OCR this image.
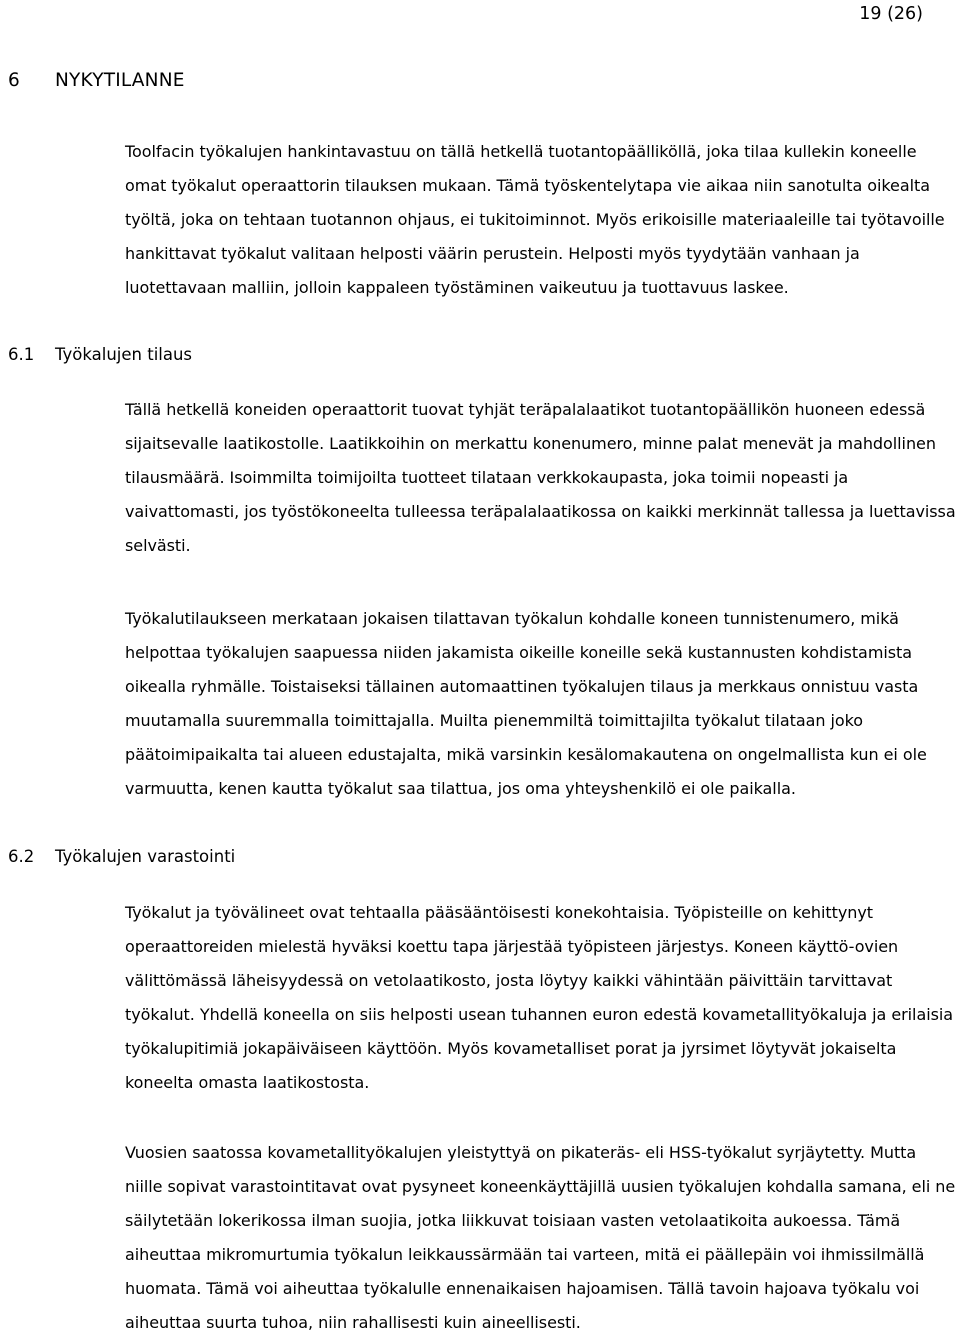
19 (26)
6 NYKYTILANNE

Toolfacin työkalujen hankintavastuu on tällä hetkellä tuotantopäälliköllä, joka tilaa kullekin koneelle omat työkalut operaattorin tilauksen mukaan. Tämä työskentelytapa vie aikaa niin sanotulta oikealta työltä, joka on tehtaan tuotannon ohjaus, ei tukitoiminnot. Myös erikoisille materiaaleille tai työtavoille hankittavat työkalut valitaan helposti väärin perustein. Helposti myös tyydytään vanhaan ja luotettavaan malliin, jolloin kappaleen työstäminen vaikeutuu ja tuottavuus laskee.

6.1 Työkalujen tilaus

Tällä hetkellä koneiden operaattorit tuovat tyhjät teräpalalaatikot tuotantopäällikön huoneen edessä sijaitsevalle laatikostolle. Laatikkoihin on merkattu konenumero, minne palat menevät ja mahdollinen tilausmäärä. Isoimmilta toimijoilta tuotteet tilataan verkkokaupasta, joka toimii nopeasti ja vaivattomasti, jos työstökoneelta tulleessa teräpalalaatikossa on kaikki merkinnät tallessa ja luettavissa selvästi.

Työkalutilaukseen merkataan jokaisen tilattavan työkalun kohdalle koneen tunnistenumero, mikä helpottaa työkalujen saapuessa niiden jakamista oikeille koneille sekä kustannusten kohdistamista oikealla ryhmälle. Toistaiseksi tällainen automaattinen työkalujen tilaus ja merkkaus onnistuu vasta muutamalla suuremmalla toimittajalla. Muilta pienemmiltä toimittajilta työkalut tilataan joko päätoimipaikalta tai alueen edustajalta, mikä varsinkin kesälomakautena on ongelmallista kun ei ole varmuutta, kenen kautta työkalut saa tilattua, jos oma yhteyshenkilö ei ole paikalla.

6.2 Työkalujen varastointi

Työkalut ja työvälineet ovat tehtaalla pääsääntöisesti konekohtaisia. Työpisteille on kehittynyt operaattoreiden mielestä hyväksi koettu tapa järjestää työpisteen järjestys. Koneen käyttö-ovien välittömässä läheisyydessä on vetolaatikosto, josta löytyy kaikki vähintään päivittäin tarvittavat työkalut. Yhdellä koneella on siis helposti usean tuhannen euron edestä kovametallityökaluja ja erilaisia työkalupitimiä jokapäiväiseen käyttöön. Myös kovametalliset porat ja jyrsimet löytyvät jokaiselta koneelta omasta laatikostosta.

Vuosien saatossa kovametallityökalujen yleistyttyä on pikateräs- eli HSS-työkalut syrjäytetty. Mutta niille sopivat varastointitavat ovat pysyneet koneenkäyttäjillä uusien työkalujen kohdalla samana, eli ne säilytetään lokerikossa ilman suojia, jotka liikkuvat toisiaan vasten vetolaatikoita aukoessa. Tämä aiheuttaa mikromurtumia työkalun leikkaussärmään tai varteen, mitä ei päällepäin voi ihmissilmällä huomata. Tämä voi aiheuttaa työkalulle ennenaikaisen hajoamisen. Tällä tavoin hajoava työkalu voi aiheuttaa suurta tuhoa, niin rahallisesti kuin aineellisesti.
